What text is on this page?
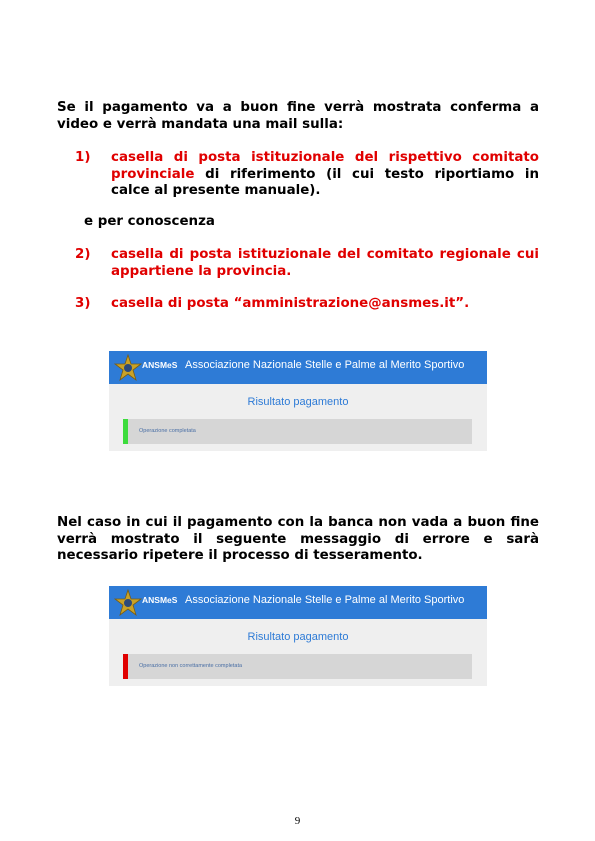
Se il pagamento va a buon fine verrà mostrata conferma a video e verrà mandata una mail sulla:
1) casella di posta istituzionale del rispettivo comitato provinciale di riferimento (il cui testo riportiamo in calce al presente manuale).
e per conoscenza
2) casella di posta istituzionale del comitato regionale cui appartiene la provincia.
3) casella di posta “amministrazione@ansmes.it”.
ANSMeS Associazione Nazionale Stelle e Palme al Merito Sportivo
Risultato pagamento
Operazione completata
Nel caso in cui il pagamento con la banca non vada a buon fine verrà mostrato il seguente messaggio di errore e sarà necessario ripetere il processo di tesseramento.
ANSMeS Associazione Nazionale Stelle e Palme al Merito Sportivo
Risultato pagamento
Operazione non correttamente completata
9
